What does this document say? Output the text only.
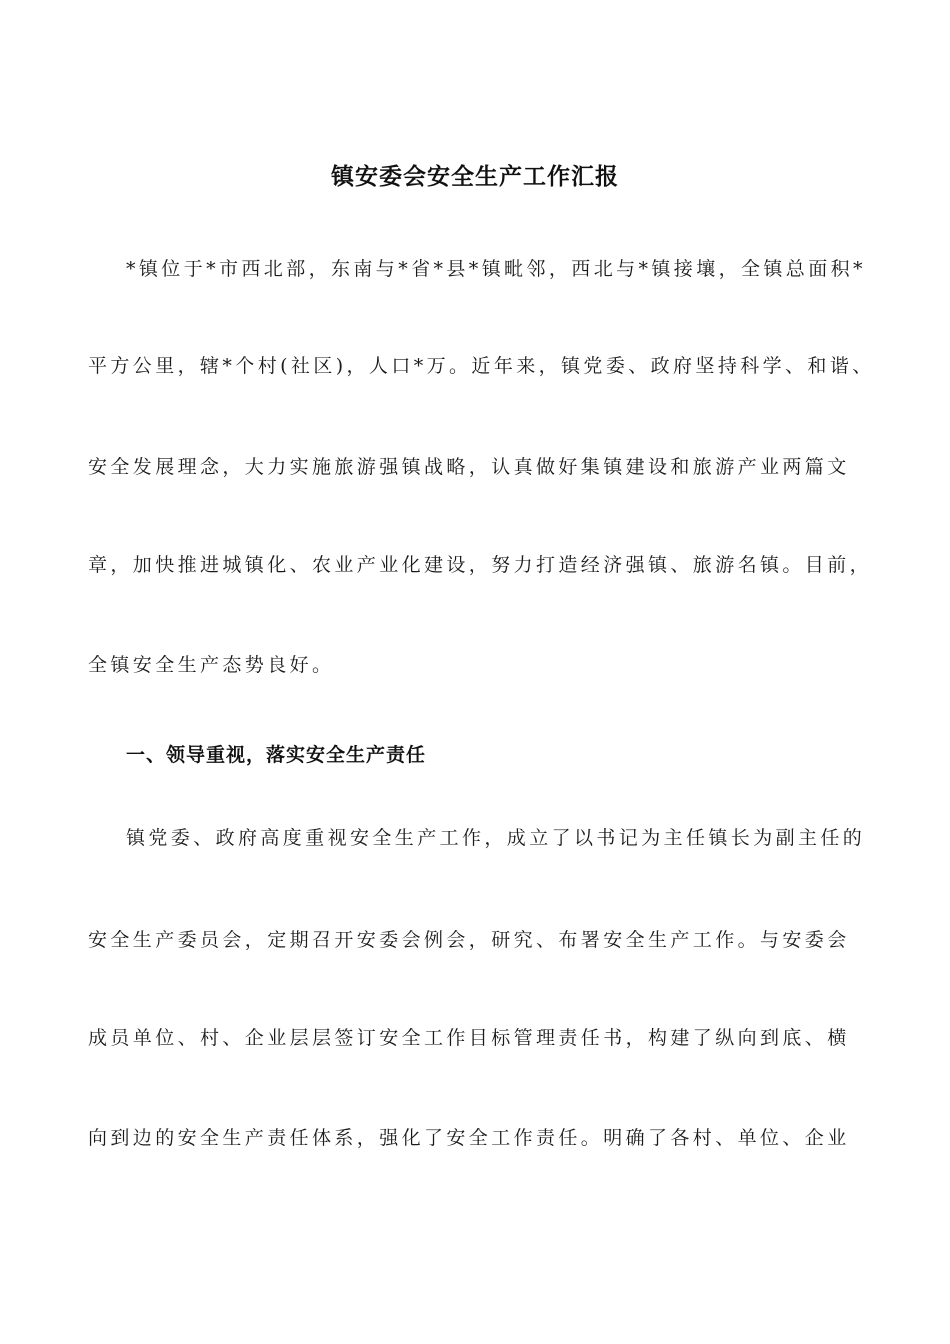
镇安委会安全生产工作汇报
*镇位于*市西北部，东南与*省*县*镇毗邻，西北与*镇接壤，全镇总面积*
平方公里，辖*个村(社区)，人口*万。近年来，镇党委、政府坚持科学、和谐、
安全发展理念，大力实施旅游强镇战略，认真做好集镇建设和旅游产业两篇文
章，加快推进城镇化、农业产业化建设，努力打造经济强镇、旅游名镇。目前，
全镇安全生产态势良好。
一、领导重视，落实安全生产责任
镇党委、政府高度重视安全生产工作，成立了以书记为主任镇长为副主任的
安全生产委员会，定期召开安委会例会，研究、布署安全生产工作。与安委会
成员单位、村、企业层层签订安全工作目标管理责任书，构建了纵向到底、横
向到边的安全生产责任体系，强化了安全工作责任。明确了各村、单位、企业
